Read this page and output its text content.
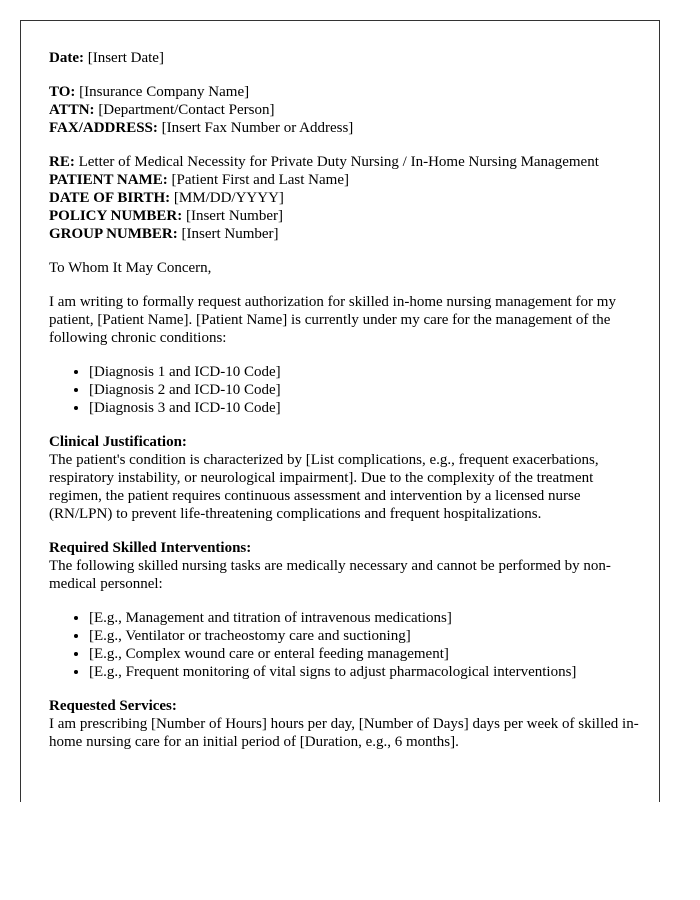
Date: [Insert Date]

TO: [Insurance Company Name]
ATTN: [Department/Contact Person]
FAX/ADDRESS: [Insert Fax Number or Address]
RE: Letter of Medical Necessity for Private Duty Nursing / In-Home Nursing Management
PATIENT NAME: [Patient First and Last Name]
DATE OF BIRTH: [MM/DD/YYYY]
POLICY NUMBER: [Insert Number]
GROUP NUMBER: [Insert Number]

To Whom It May Concern,

I am writing to formally request authorization for skilled in-home nursing management for my patient, [Patient Name]. [Patient Name] is currently under my care for the management of the following chronic conditions:

• [Diagnosis 1 and ICD-10 Code]
• [Diagnosis 2 and ICD-10 Code]
• [Diagnosis 3 and ICD-10 Code]

Clinical Justification:
The patient's condition is characterized by [List complications, e.g., frequent exacerbations, respiratory instability, or neurological impairment]. Due to the complexity of the treatment regimen, the patient requires continuous assessment and intervention by a licensed nurse (RN/LPN) to prevent life-threatening complications and frequent hospitalizations.

Required Skilled Interventions:
The following skilled nursing tasks are medically necessary and cannot be performed by non-medical personnel:

• [E.g., Management and titration of intravenous medications]
• [E.g., Ventilator or tracheostomy care and suctioning]
• [E.g., Complex wound care or enteral feeding management]
• [E.g., Frequent monitoring of vital signs to adjust pharmacological interventions]

Requested Services:
I am prescribing [Number of Hours] hours per day, [Number of Days] days per week of skilled in-home nursing care for an initial period of [Duration, e.g., 6 months].
